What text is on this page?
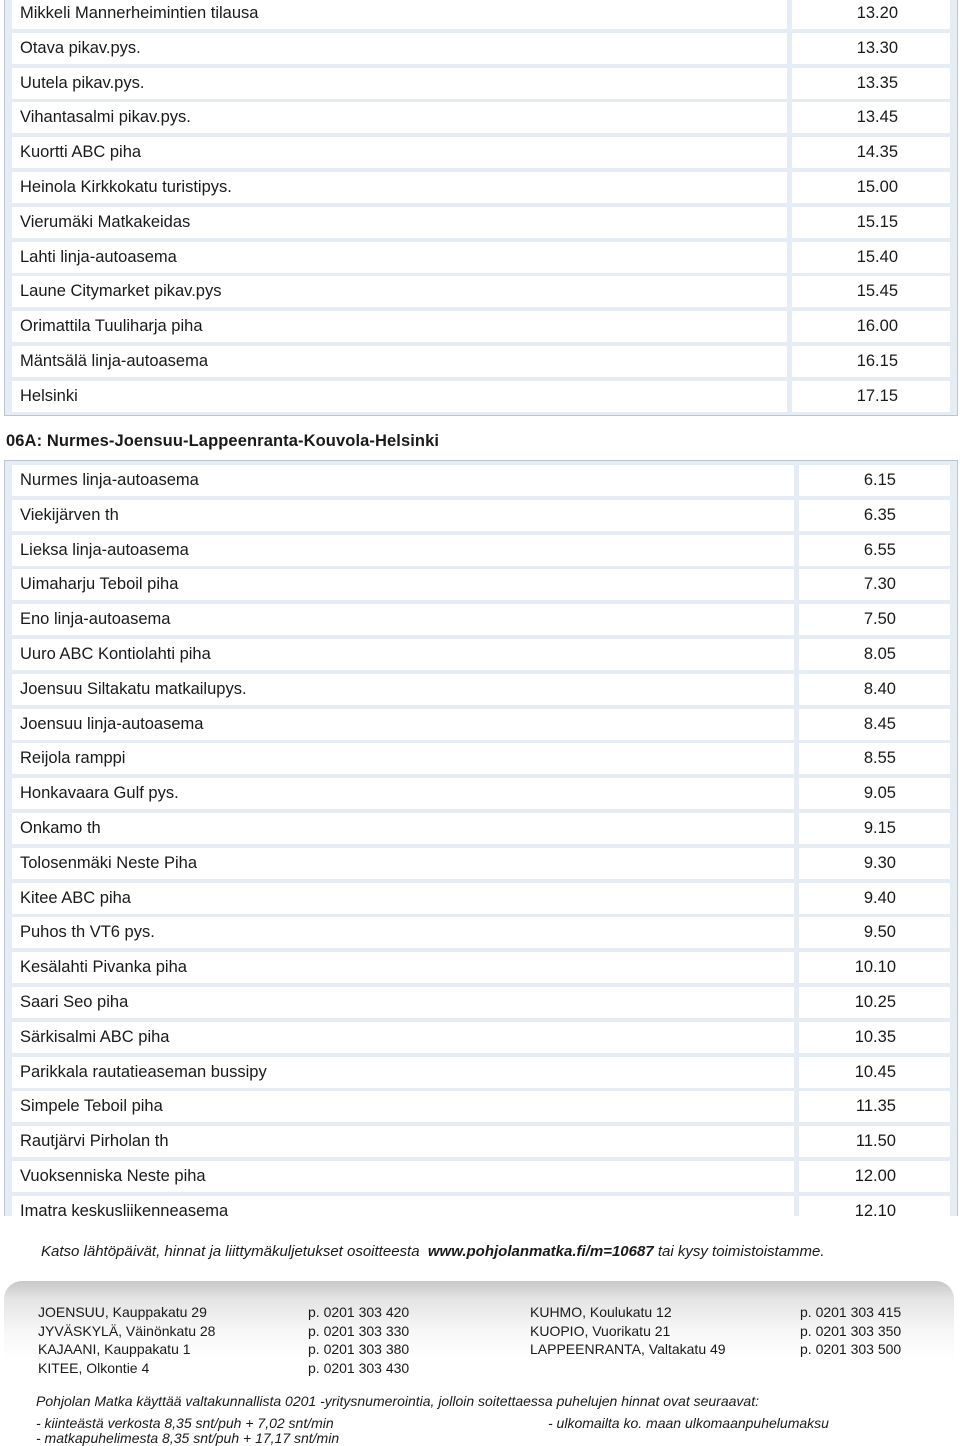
Mikkeli Mannerheimintien tilausa	13.20
Otava pikav.pys.	13.30
Uutela pikav.pys.	13.35
Vihantasalmi pikav.pys.	13.45
Kuortti ABC piha	14.35
Heinola Kirkkokatu turistipys.	15.00
Vierumäki Matkakeidas	15.15
Lahti linja-autoasema	15.40
Laune Citymarket pikav.pys	15.45
Orimattila Tuuliharja piha	16.00
Mäntsälä linja-autoasema	16.15
Helsinki	17.15
06A: Nurmes-Joensuu-Lappeenranta-Kouvola-Helsinki
Nurmes linja-autoasema	6.15
Viekijärven th	6.35
Lieksa linja-autoasema	6.55
Uimaharju Teboil piha	7.30
Eno linja-autoasema	7.50
Uuro ABC Kontiolahti piha	8.05
Joensuu Siltakatu matkailupys.	8.40
Joensuu linja-autoasema	8.45
Reijola ramppi	8.55
Honkavaara Gulf pys.	9.05
Onkamo th	9.15
Tolosenmäki Neste Piha	9.30
Kitee ABC piha	9.40
Puhos th VT6 pys.	9.50
Kesälahti Pivanka piha	10.10
Saari Seo piha	10.25
Särkisalmi ABC piha	10.35
Parikkala rautatieaseman bussipy	10.45
Simpele Teboil piha	11.35
Rautjärvi Pirholan th	11.50
Vuoksenniska Neste piha	12.00
Imatra keskusliikenneasema	12.10
Katso lähtöpäivät, hinnat ja liittymäkuljetukset osoitteesta www.pohjolanmatka.fi/m=10687 tai kysy toimistoistamme.
JOENSUU, Kauppakatu 29	p. 0201 303 420
JYVÄSKYLÄ, Väinönkatu 28	p. 0201 303 330
KAJAANI, Kauppakatu 1	p. 0201 303 380
KITEE, Olkontie 4	p. 0201 303 430
KUHMO, Koulukatu 12	p. 0201 303 415
KUOPIO, Vuorikatu 21	p. 0201 303 350
LAPPEENRANTA, Valtakatu 49	p. 0201 303 500
Pohjolan Matka käyttää valtakunnallista 0201 -yritysnumerointia, jolloin soitettaessa puhelujen hinnat ovat seuraavat:
- kiinteästä verkosta 8,35 snt/puh + 7,02 snt/min	- ulkomailta ko. maan ulkomaanpuhelumaksu
- matkapuhelimesta 8,35 snt/puh + 17,17 snt/min
